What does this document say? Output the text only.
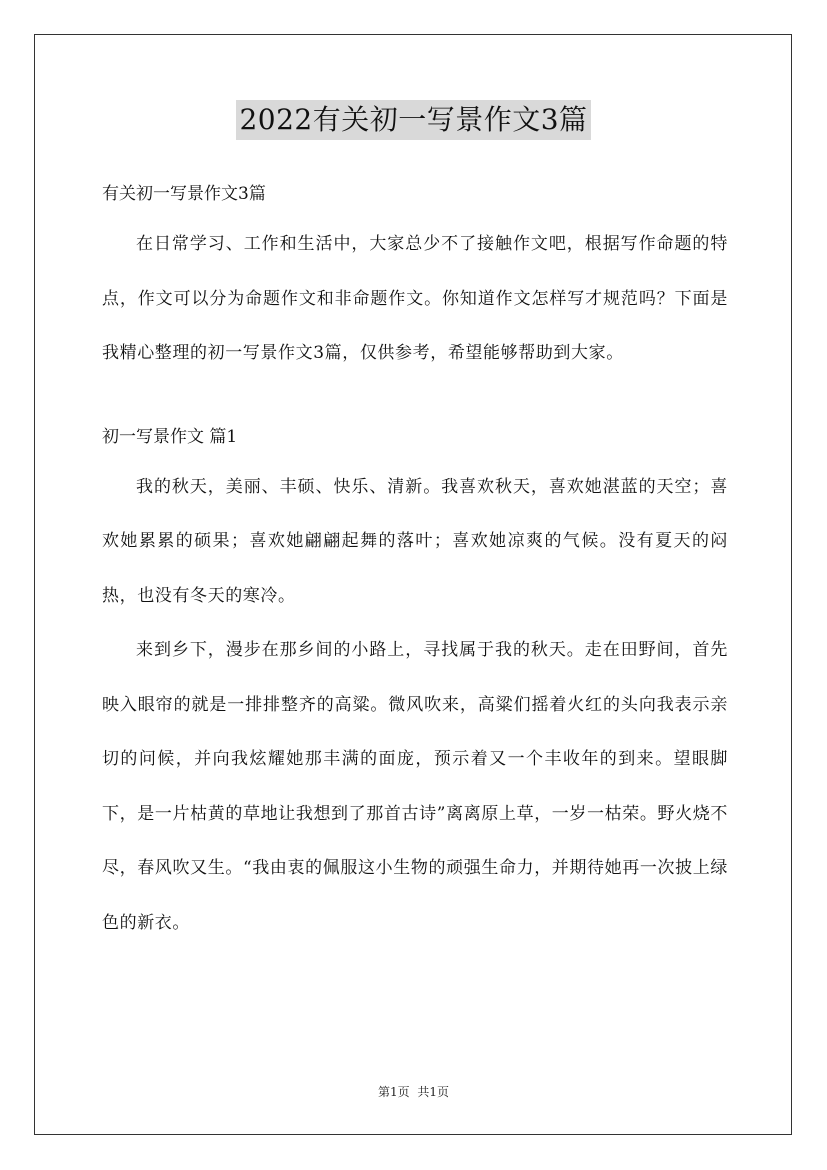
2022有关初一写景作文3篇

有关初一写景作文3篇

在日常学习、工作和生活中，大家总少不了接触作文吧，根据写作命题的特点，作文可以分为命题作文和非命题作文。你知道作文怎样写才规范吗？下面是我精心整理的初一写景作文3篇，仅供参考，希望能够帮助到大家。

初一写景作文 篇1

我的秋天，美丽、丰硕、快乐、清新。我喜欢秋天，喜欢她湛蓝的天空；喜欢她累累的硕果；喜欢她翩翩起舞的落叶；喜欢她凉爽的气候。没有夏天的闷热，也没有冬天的寒冷。

来到乡下，漫步在那乡间的小路上，寻找属于我的秋天。走在田野间，首先映入眼帘的就是一排排整齐的高粱。微风吹来，高粱们摇着火红的头向我表示亲切的问候，并向我炫耀她那丰满的面庞，预示着又一个丰收年的到来。望眼脚下，是一片枯黄的草地让我想到了那首古诗”离离原上草，一岁一枯荣。野火烧不尽，春风吹又生。“我由衷的佩服这小生物的顽强生命力，并期待她再一次披上绿色的新衣。

第1页 共1页
